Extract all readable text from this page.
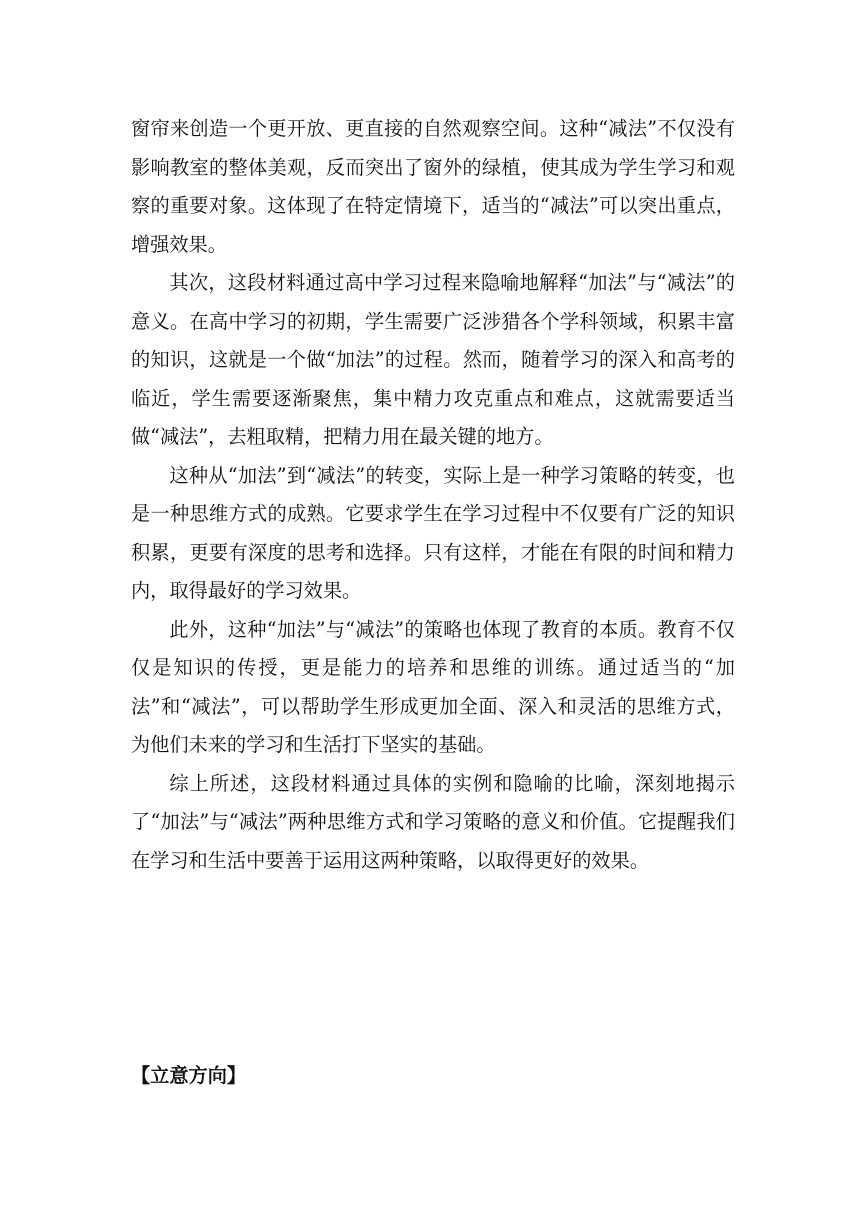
窗帘来创造一个更开放、更直接的自然观察空间。这种“减法”不仅没有影响教室的整体美观，反而突出了窗外的绿植，使其成为学生学习和观察的重要对象。这体现了在特定情境下，适当的“减法”可以突出重点，增强效果。

其次，这段材料通过高中学习过程来隐喻地解释“加法”与“减法”的意义。在高中学习的初期，学生需要广泛涉猎各个学科领域，积累丰富的知识，这就是一个做“加法”的过程。然而，随着学习的深入和高考的临近，学生需要逐渐聚焦，集中精力攻克重点和难点，这就需要适当做“减法”，去粗取精，把精力用在最关键的地方。

这种从“加法”到“减法”的转变，实际上是一种学习策略的转变，也是一种思维方式的成熟。它要求学生在学习过程中不仅要有广泛的知识积累，更要有深度的思考和选择。只有这样，才能在有限的时间和精力内，取得最好的学习效果。

此外，这种“加法”与“减法”的策略也体现了教育的本质。教育不仅仅是知识的传授，更是能力的培养和思维的训练。通过适当的“加法”和“减法”，可以帮助学生形成更加全面、深入和灵活的思维方式，为他们未来的学习和生活打下坚实的基础。

综上所述，这段材料通过具体的实例和隐喻的比喻，深刻地揭示了“加法”与“减法”两种思维方式和学习策略的意义和价值。它提醒我们在学习和生活中要善于运用这两种策略，以取得更好的效果。

【立意方向】
